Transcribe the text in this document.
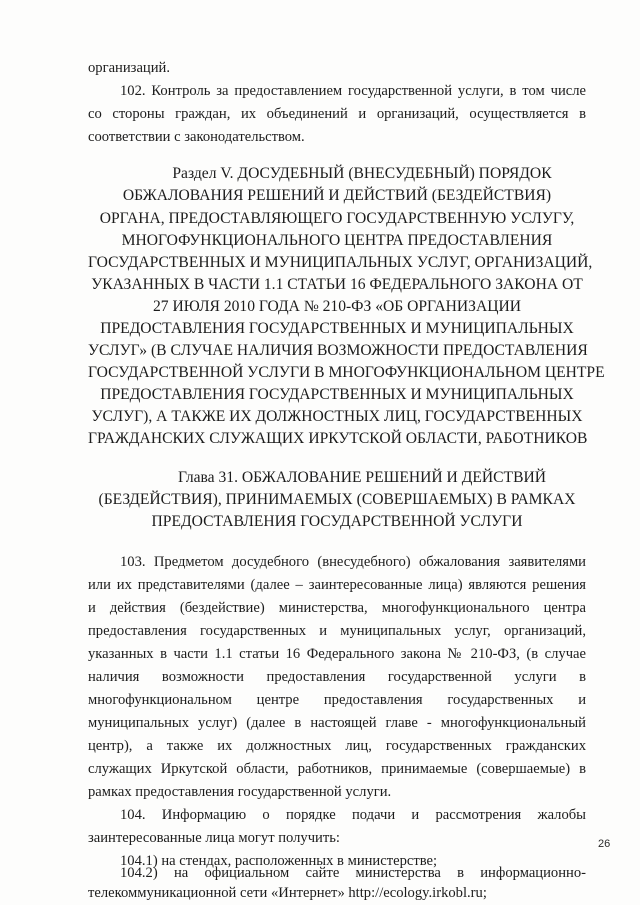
организаций.
102. Контроль за предоставлением государственной услуги, в том числе
со стороны граждан, их объединений и организаций, осуществляется в
соответствии с законодательством.
Раздел V. ДОСУДЕБНЫЙ (ВНЕСУДЕБНЫЙ) ПОРЯДОК
ОБЖАЛОВАНИЯ РЕШЕНИЙ И ДЕЙСТВИЙ (БЕЗДЕЙСТВИЯ)
ОРГАНА, ПРЕДОСТАВЛЯЮЩЕГО ГОСУДАРСТВЕННУЮ УСЛУГУ,
МНОГОФУНКЦИОНАЛЬНОГО ЦЕНТРА ПРЕДОСТАВЛЕНИЯ
ГОСУДАРСТВЕННЫХ И МУНИЦИПАЛЬНЫХ УСЛУГ, ОРГАНИЗАЦИЙ,
УКАЗАННЫХ В ЧАСТИ 1.1 СТАТЬИ 16 ФЕДЕРАЛЬНОГО ЗАКОНА ОТ
27 ИЮЛЯ 2010 ГОДА № 210-ФЗ «ОБ ОРГАНИЗАЦИИ
ПРЕДОСТАВЛЕНИЯ ГОСУДАРСТВЕННЫХ И МУНИЦИПАЛЬНЫХ
УСЛУГ» (В СЛУЧАЕ НАЛИЧИЯ ВОЗМОЖНОСТИ ПРЕДОСТАВЛЕНИЯ
ГОСУДАРСТВЕННОЙ УСЛУГИ В МНОГОФУНКЦИОНАЛЬНОМ ЦЕНТРЕ
ПРЕДОСТАВЛЕНИЯ ГОСУДАРСТВЕННЫХ И МУНИЦИПАЛЬНЫХ
УСЛУГ), А ТАКЖЕ ИХ ДОЛЖНОСТНЫХ ЛИЦ, ГОСУДАРСТВЕННЫХ
ГРАЖДАНСКИХ СЛУЖАЩИХ ИРКУТСКОЙ ОБЛАСТИ, РАБОТНИКОВ
Глава 31. ОБЖАЛОВАНИЕ РЕШЕНИЙ И ДЕЙСТВИЙ
(БЕЗДЕЙСТВИЯ), ПРИНИМАЕМЫХ (СОВЕРШАЕМЫХ) В РАМКАХ
ПРЕДОСТАВЛЕНИЯ ГОСУДАРСТВЕННОЙ УСЛУГИ
103. Предметом досудебного (внесудебного) обжалования заявителями
или их представителями (далее – заинтересованные лица) являются решения
и действия (бездействие) министерства, многофункционального центра
предоставления государственных и муниципальных услуг, организаций,
указанных в части 1.1 статьи 16 Федерального закона № 210-ФЗ, (в случае
наличия возможности предоставления государственной услуги в
многофункциональном центре предоставления государственных и
муниципальных услуг) (далее в настоящей главе - многофункциональный
центр), а также их должностных лиц, государственных гражданских
служащих Иркутской области, работников, принимаемые (совершаемые) в
рамках предоставления государственной услуги.
104. Информацию о порядке подачи и рассмотрения жалобы
заинтересованные лица могут получить:
104.1) на стендах, расположенных в министерстве;
104.2) на официальном сайте министерства в информационно-
26
телекоммуникационной сети «Интернет» http://ecology.irkobl.ru;
